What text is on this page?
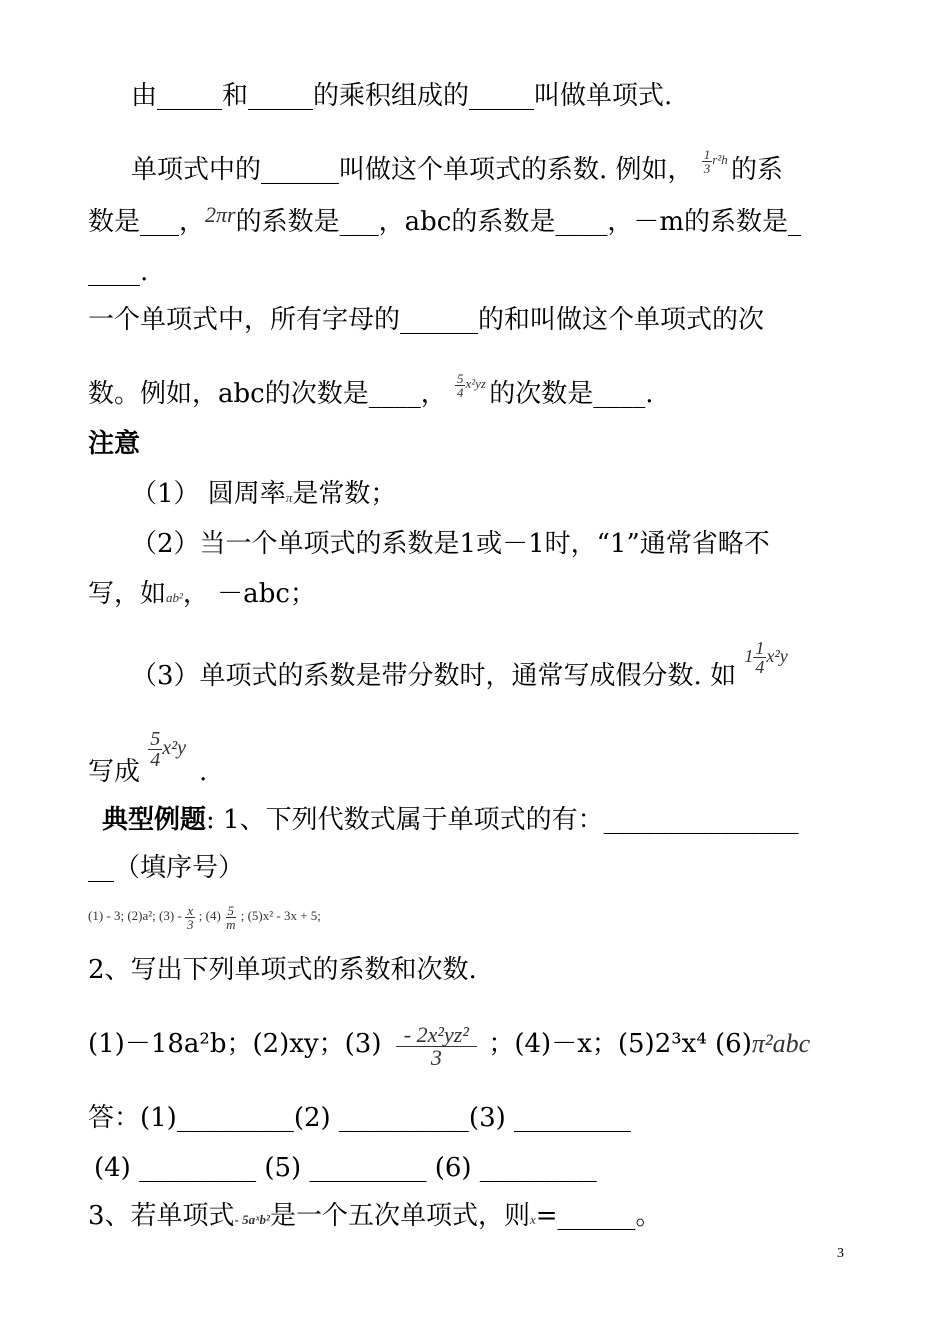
由_____和_____的乘积组成的_____叫做单项式.
单项式中的______叫做这个单项式的系数. 例如， $^{\frac{1}{3} r^2h}$ 的系
数是___，$^{2\pi r}$的系数是___，abc的系数是____，－m的系数是_
____.
一个单项式中，所有字母的______的和叫做这个单项式的次
数。例如，abc的次数是____， $^{\frac{5}{4} x^2yz}$ 的次数是____.
注意
（1） 圆周率π是常数；
（2）当一个单项式的系数是1或－1时，“1”通常省略不
写，如ab²， －abc；
（3）单项式的系数是带分数时，通常写成假分数. 如 $^{1 \frac{1}{4} x^2y}$
写成
$^{\frac{5}{4} x^2y}$ .
典型例题: 1、下列代数式属于单项式的有：_______________
__（填序号）
(1) - 3; (2)a²; $(3) - \frac{x}{3}$ ; $(4) \frac{5}{m}$ ; (5)x² - 3x + 5;
2、写出下列单项式的系数和次数.
(1)－18a²b；(2)xy；$(3) \frac{\text{- 2x²yz²}}{3}$ ；(4)－x；(5)2³x⁴ (6)π²abc
答：(1)_________(2) __________(3) _________
(4) _________ (5) _________ (6) _________
3、若单项式- 5aˣb²是一个五次单项式，则x=______。
3
